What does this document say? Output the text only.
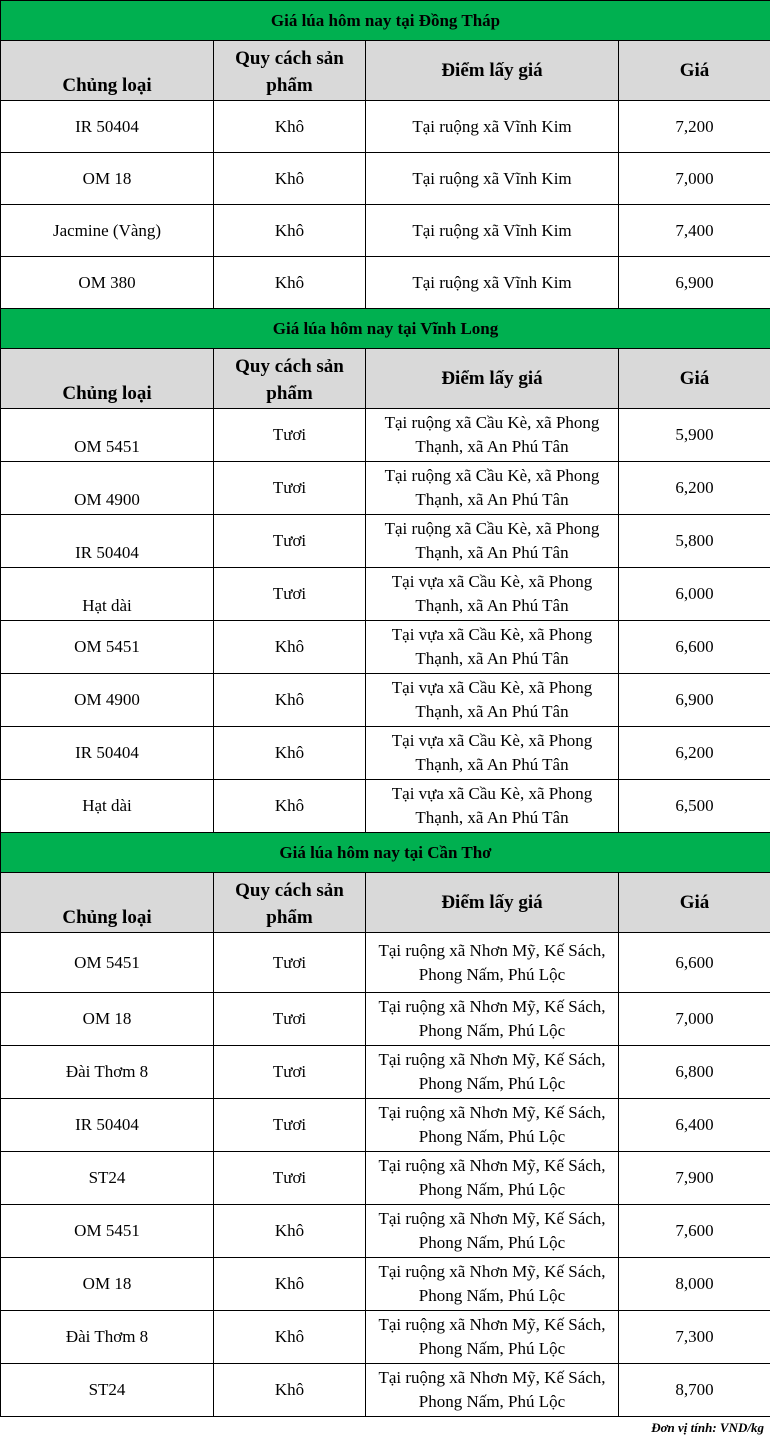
Giá lúa hôm nay tại Đồng Tháp			
Chủng loại	Quy cách sản phẩm	Điểm lấy giá	Giá
IR 50404	Khô	Tại ruộng xã Vĩnh Kim	7,200
OM 18	Khô	Tại ruộng xã Vĩnh Kim	7,000
Jacmine (Vàng)	Khô	Tại ruộng xã Vĩnh Kim	7,400
OM 380	Khô	Tại ruộng xã Vĩnh Kim	6,900
Giá lúa hôm nay tại Vĩnh Long			
Chủng loại	Quy cách sản phẩm	Điểm lấy giá	Giá
OM 5451	Tươi	Tại ruộng xã Cầu Kè, xã Phong Thạnh, xã An Phú Tân	5,900
OM 4900	Tươi	Tại ruộng xã Cầu Kè, xã Phong Thạnh, xã An Phú Tân	6,200
IR 50404	Tươi	Tại ruộng xã Cầu Kè, xã Phong Thạnh, xã An Phú Tân	5,800
Hạt dài	Tươi	Tại vựa xã Cầu Kè, xã Phong Thạnh, xã An Phú Tân	6,000
OM 5451	Khô	Tại vựa xã Cầu Kè, xã Phong Thạnh, xã An Phú Tân	6,600
OM 4900	Khô	Tại vựa xã Cầu Kè, xã Phong Thạnh, xã An Phú Tân	6,900
IR 50404	Khô	Tại vựa xã Cầu Kè, xã Phong Thạnh, xã An Phú Tân	6,200
Hạt dài	Khô	Tại vựa xã Cầu Kè, xã Phong Thạnh, xã An Phú Tân	6,500
Giá lúa hôm nay tại Cần Thơ			
Chủng loại	Quy cách sản phẩm	Điểm lấy giá	Giá
OM 5451	Tươi	Tại ruộng xã Nhơn Mỹ, Kế Sách, Phong Nấm, Phú Lộc	6,600
OM 18	Tươi	Tại ruộng xã Nhơn Mỹ, Kế Sách, Phong Nấm, Phú Lộc	7,000
Đài Thơm 8	Tươi	Tại ruộng xã Nhơn Mỹ, Kế Sách, Phong Nấm, Phú Lộc	6,800
IR 50404	Tươi	Tại ruộng xã Nhơn Mỹ, Kế Sách, Phong Nấm, Phú Lộc	6,400
ST24	Tươi	Tại ruộng xã Nhơn Mỹ, Kế Sách, Phong Nấm, Phú Lộc	7,900
OM 5451	Khô	Tại ruộng xã Nhơn Mỹ, Kế Sách, Phong Nấm, Phú Lộc	7,600
OM 18	Khô	Tại ruộng xã Nhơn Mỹ, Kế Sách, Phong Nấm, Phú Lộc	8,000
Đài Thơm 8	Khô	Tại ruộng xã Nhơn Mỹ, Kế Sách, Phong Nấm, Phú Lộc	7,300
ST24	Khô	Tại ruộng xã Nhơn Mỹ, Kế Sách, Phong Nấm, Phú Lộc	8,700
Đơn vị tính: VND/kg
